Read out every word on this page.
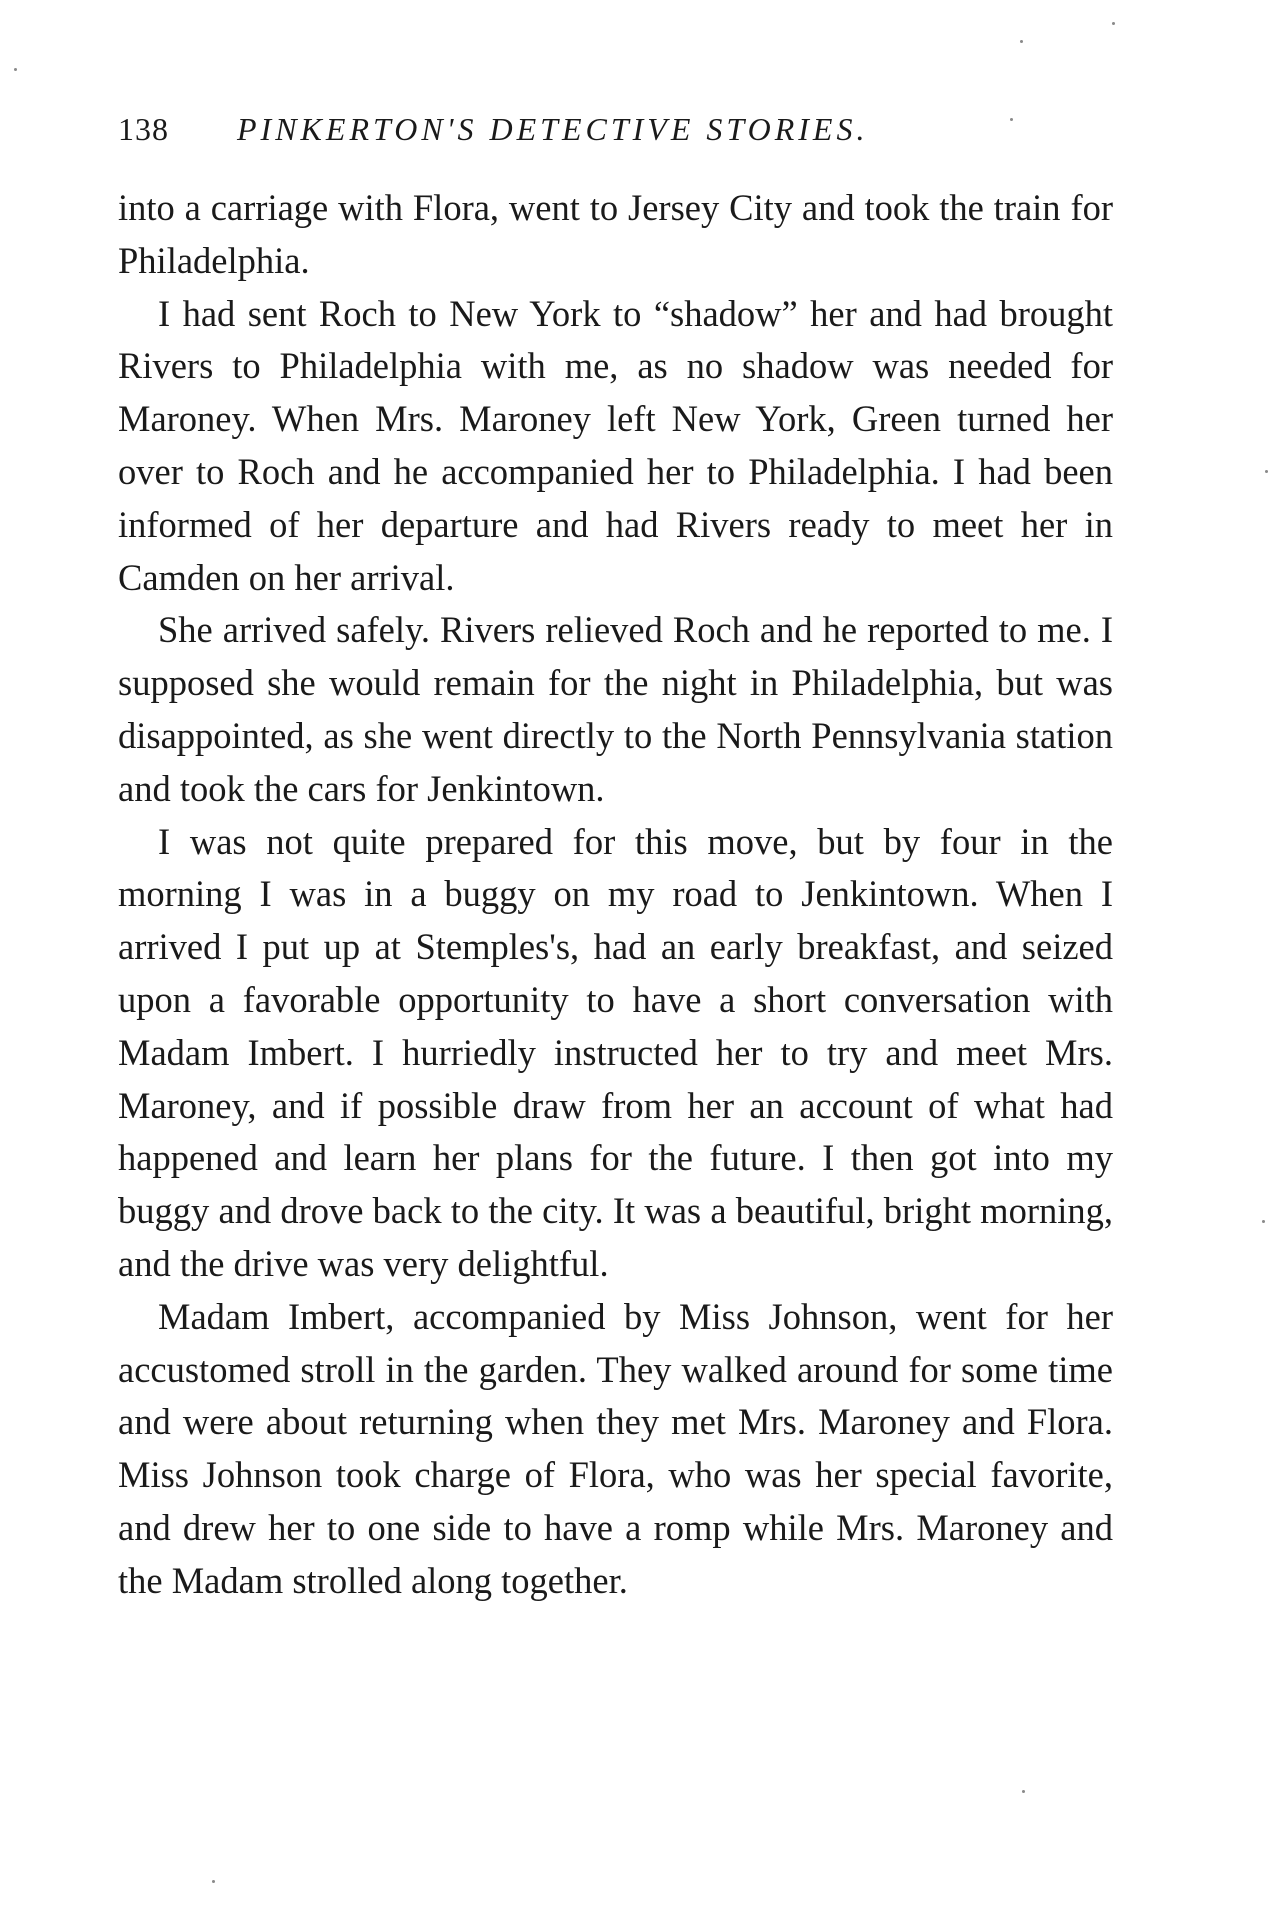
138 PINKERTON'S DETECTIVE STORIES.

into a carriage with Flora, went to Jersey City and took the train for Philadelphia.

I had sent Roch to New York to “shadow” her and had brought Rivers to Philadelphia with me, as no shadow was needed for Maroney. When Mrs. Maroney left New York, Green turned her over to Roch and he accompanied her to Philadelphia. I had been informed of her departure and had Rivers ready to meet her in Camden on her arrival.

She arrived safely. Rivers relieved Roch and he reported to me. I supposed she would remain for the night in Philadelphia, but was disappointed, as she went directly to the North Pennsylvania station and took the cars for Jenkintown.

I was not quite prepared for this move, but by four in the morning I was in a buggy on my road to Jenkintown. When I arrived I put up at Stemples's, had an early breakfast, and seized upon a favorable opportunity to have a short conversation with Madam Imbert. I hurriedly instructed her to try and meet Mrs. Maroney, and if possible draw from her an account of what had happened and learn her plans for the future. I then got into my buggy and drove back to the city. It was a beautiful, bright morning, and the drive was very delightful.

Madam Imbert, accompanied by Miss Johnson, went for her accustomed stroll in the garden. They walked around for some time and were about returning when they met Mrs. Maroney and Flora. Miss Johnson took charge of Flora, who was her special favorite, and drew her to one side to have a romp while Mrs. Maroney and the Madam strolled along together.
